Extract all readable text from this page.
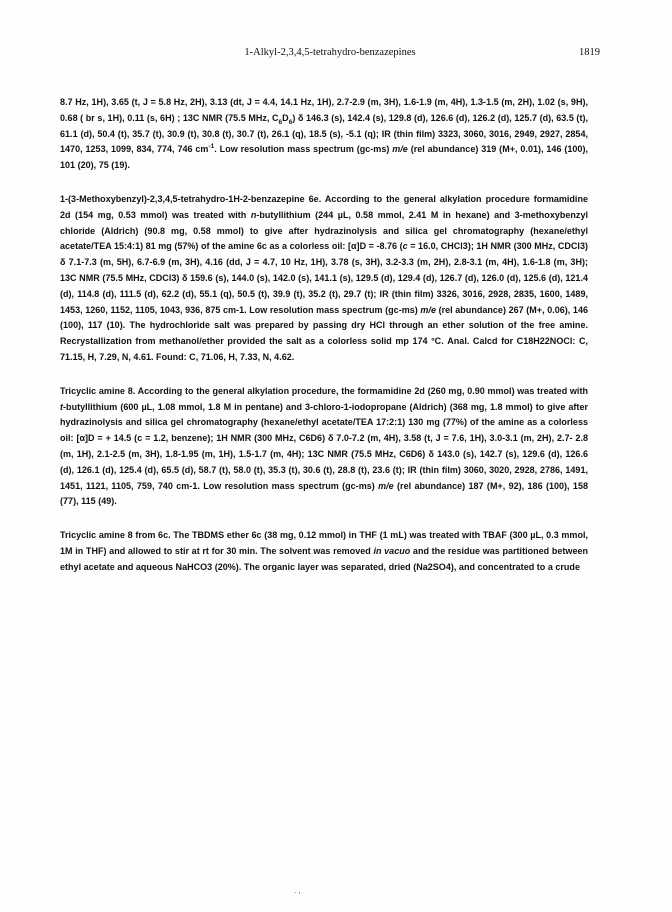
1-Alkyl-2,3,4,5-tetrahydro-benzazepines	1819

8.7 Hz, 1H), 3.65 (t, J = 5.8 Hz, 2H), 3.13 (dt, J = 4.4, 14.1 Hz, 1H), 2.7-2.9 (m, 3H), 1.6-1.9 (m, 4H), 1.3-1.5 (m, 2H), 1.02 (s, 9H), 0.68 ( br s, 1H), 0.11 (s, 6H) ; 13C NMR (75.5 MHz, $C_6D_6$) δ 146.3 (s), 142.4 (s), 129.8 (d), 126.6 (d), 126.2 (d), 125.7 (d), 63.5 (t), 61.1 (d), 50.4 (t), 35.7 (t), 30.9 (t), 30.8 (t), 30.7 (t), 26.1 (q), 18.5 (s), -5.1 (q); IR (thin film) 3323, 3060, 3016, 2949, 2927, 2854, 1470, 1253, 1099, 834, 774, 746 $cm^{-1}$. Low resolution mass spectrum (gc-ms) m/e (rel abundance) 319 (M+, 0.01), 146 (100), 101 (20), 75 (19).

1-(3-Methoxybenzyl)-2,3,4,5-tetrahydro-1H-2-benzazepine 6e. According to the general alkylation procedure formamidine 2d (154 mg, 0.53 mmol) was treated with n-butyllithium (244 µL, 0.58 mmol, 2.41 M in hexane) and 3-methoxybenzyl chloride (Aldrich) (90.8 mg, 0.58 mmol) to give after hydrazinolysis and silica gel chromatography (hexane/ethyl acetate/TEA 15:4:1) 81 mg (57%) of the amine 6c as a colorless oil: [α]D = -8.76 (c = 16.0, CHCl3); 1H NMR (300 MHz, CDCl3) δ 7.1-7.3 (m, 5H), 6.7-6.9 (m, 3H), 4.16 (dd, J = 4.7, 10 Hz, 1H), 3.78 (s, 3H), 3.2-3.3 (m, 2H), 2.8-3.1 (m, 4H), 1.6-1.8 (m, 3H); 13C NMR (75.5 MHz, CDCl3) δ 159.6 (s), 144.0 (s), 142.0 (s), 141.1 (s), 129.5 (d), 129.4 (d), 126.7 (d), 126.0 (d), 125.6 (d), 121.4 (d), 114.8 (d), 111.5 (d), 62.2 (d), 55.1 (q), 50.5 (t), 39.9 (t), 35.2 (t), 29.7 (t); IR (thin film) 3326, 3016, 2928, 2835, 1600, 1489, 1453, 1260, 1152, 1105, 1043, 936, 875 cm-1. Low resolution mass spectrum (gc-ms) m/e (rel abundance) 267 (M+, 0.06), 146 (100), 117 (10). The hydrochloride salt was prepared by passing dry HCl through an ether solution of the free amine. Recrystallization from methanol/ether provided the salt as a colorless solid mp 174 °C. Anal. Calcd for C18H22NOCl: C, 71.15, H, 7.29, N, 4.61. Found: C, 71.06, H, 7.33, N, 4.62.

Tricyclic amine 8. According to the general alkylation procedure, the formamidine 2d (260 mg, 0.90 mmol) was treated with t-butyllithium (600 µL, 1.08 mmol, 1.8 M in pentane) and 3-chloro-1-iodopropane (Aldrich) (368 mg, 1.8 mmol) to give after hydrazinolysis and silica gel chromatography (hexane/ethyl acetate/TEA 17:2:1) 130 mg (77%) of the amine as a colorless oil: [α]D = + 14.5 (c = 1.2, benzene); 1H NMR (300 MHz, C6D6) δ 7.0-7.2 (m, 4H), 3.58 (t, J = 7.6, 1H), 3.0-3.1 (m, 2H), 2.7- 2.8 (m, 1H), 2.1-2.5 (m, 3H), 1.8-1.95 (m, 1H), 1.5-1.7 (m, 4H); 13C NMR (75.5 MHz, C6D6) δ 143.0 (s), 142.7 (s), 129.6 (d), 126.6 (d), 126.1 (d), 125.4 (d), 65.5 (d), 58.7 (t), 58.0 (t), 35.3 (t), 30.6 (t), 28.8 (t), 23.6 (t); IR (thin film) 3060, 3020, 2928, 2786, 1491, 1451, 1121, 1105, 759, 740 cm-1. Low resolution mass spectrum (gc-ms) m/e (rel abundance) 187 (M+, 92), 186 (100), 158 (77), 115 (49).

Tricyclic amine 8 from 6c. The TBDMS ether 6c (38 mg, 0.12 mmol) in THF (1 mL) was treated with TBAF (300 µL, 0.3 mmol, 1M in THF) and allowed to stir at rt for 30 min. The solvent was removed in vacuo and the residue was partitioned between ethyl acetate and aqueous NaHCO3 (20%). The organic layer was separated, dried (Na2SO4), and concentrated to a crude

. ,
